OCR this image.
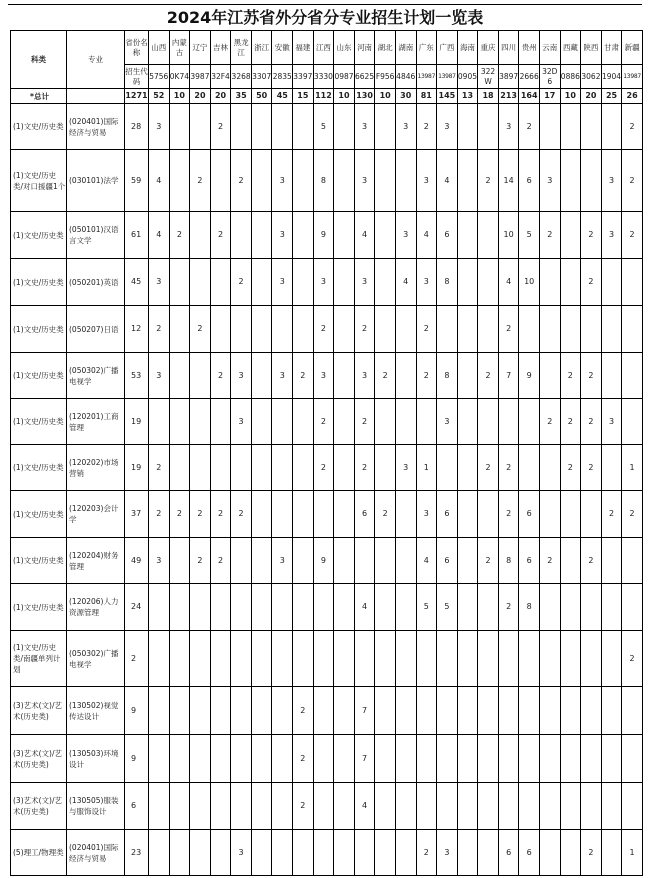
2024年江苏省外分省分专业招生计划一览表
科类	专业	省份名称	山西	内蒙古	辽宁	吉林	黑龙江	浙江	安徽	福建	江西	山东	河南	湖北	湖南	广东	广西	海南	重庆	四川	贵州	云南	西藏	陕西	甘肃	新疆
		招生代码	5756	0K74	3987	32F4	3268	3307	2835	3397	3330	0987	6625	F956	4846	13987	13987	0905	322W	3897	2666	32D6	0886	3062	1904	13987
*总计		1271	52	10	20	20	35	50	45	15	112	10	130	10	30	81	145	13	18	213	164	17	10	20	25	26
(1)文史/历史类	(020401)国际经济与贸易	28	3			2					5		3		3	2	3			3	2					2
(1)文史/历史类/对口援疆1个	(030101)法学	59	4		2		2		3		8		3			3	4		2	14	6	3			3	2
(1)文史/历史类	(050101)汉语言文学	61	4	2		2			3		9		4		3	4	6			10	5	2		2	3	2
(1)文史/历史类	(050201)英语	45	3				2		3		3		3		4	3	8			4	10			2		
(1)文史/历史类	(050207)日语	12	2		2						2		2			2				2						
(1)文史/历史类	(050302)广播电视学	53	3			2	3		3	2	3		3	2		2	8		2	7	9		2	2		
(1)文史/历史类	(120201)工商管理	19					3				2		2				3					2	2	2	3	
(1)文史/历史类	(120202)市场营销	19	2								2		2		3	1			2	2			2	2		1
(1)文史/历史类	(120203)会计学	37	2	2	2	2	2						6	2		3	6			2	6				2	2
(1)文史/历史类	(120204)财务管理	49	3		2	2			3		9					4	6		2	8	6	2		2		
(1)文史/历史类	(120206)人力资源管理	24											4			5	5			2	8					
(1)文史/历史类/南疆单列计划	(050302)广播电视学	2																								2
(3)艺术(文)/艺术(历史类)	(130502)视觉传达设计	9								2			7													
(3)艺术(文)/艺术(历史类)	(130503)环境设计	9								2			7													
(3)艺术(文)/艺术(历史类)	(130505)服装与服饰设计	6								2			4													
(5)理工/物理类	(020401)国际经济与贸易	23					3									2	3			6	6			2		1
